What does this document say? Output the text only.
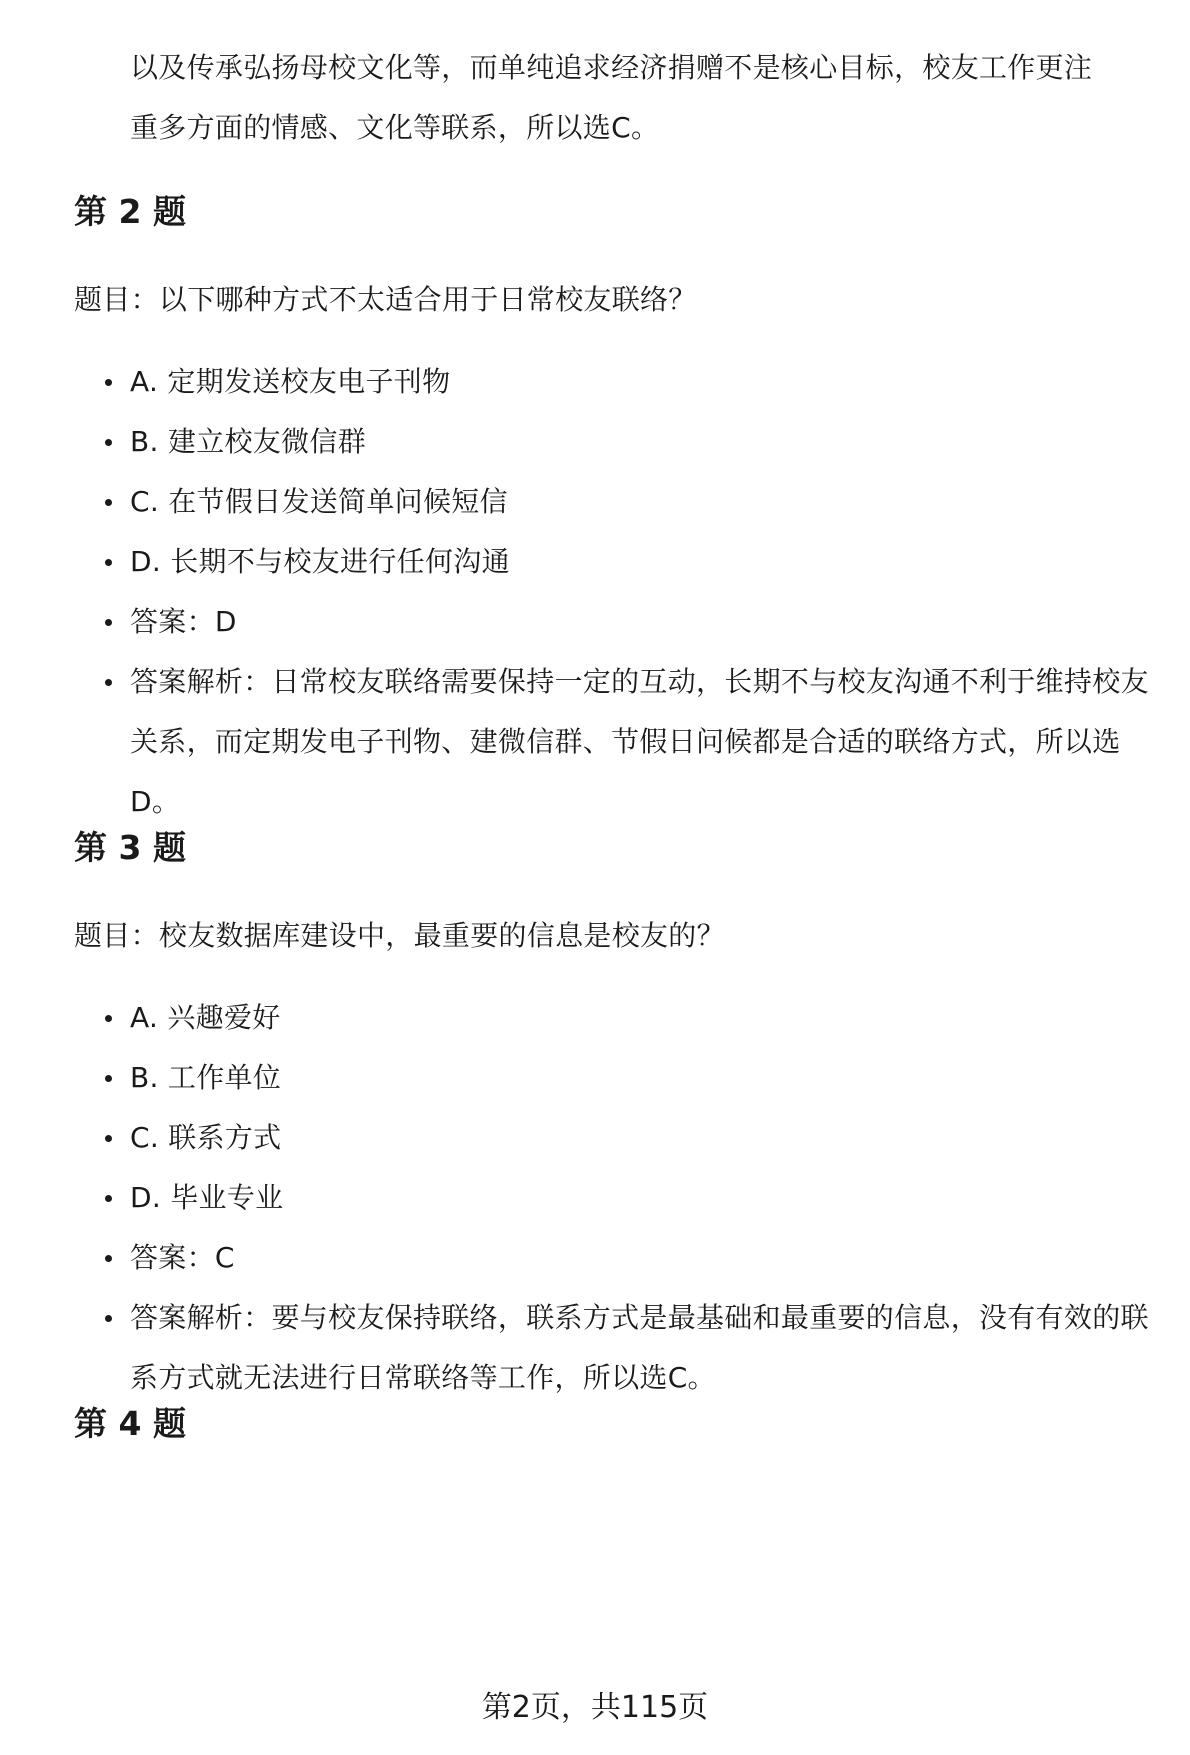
以及传承弘扬母校文化等，而单纯追求经济捐赠不是核心目标，校友工作更注
重多方面的情感、文化等联系，所以选C。
第 2 题

题目：以下哪种方式不太适合用于日常校友联络？

A. 定期发送校友电子刊物
B. 建立校友微信群
C. 在节假日发送简单问候短信
D. 长期不与校友进行任何沟通
答案：D
答案解析：日常校友联络需要保持一定的互动，长期不与校友沟通不利于维持校友关系，而定期发电子刊物、建微信群、节假日问候都是合适的联络方式，所以选D。
第 3 题

题目：校友数据库建设中，最重要的信息是校友的？

A. 兴趣爱好
B. 工作单位
C. 联系方式
D. 毕业专业
答案：C
答案解析：要与校友保持联络，联系方式是最基础和最重要的信息，没有有效的联系方式就无法进行日常联络等工作，所以选C。
第 4 题
第2页，共115页
